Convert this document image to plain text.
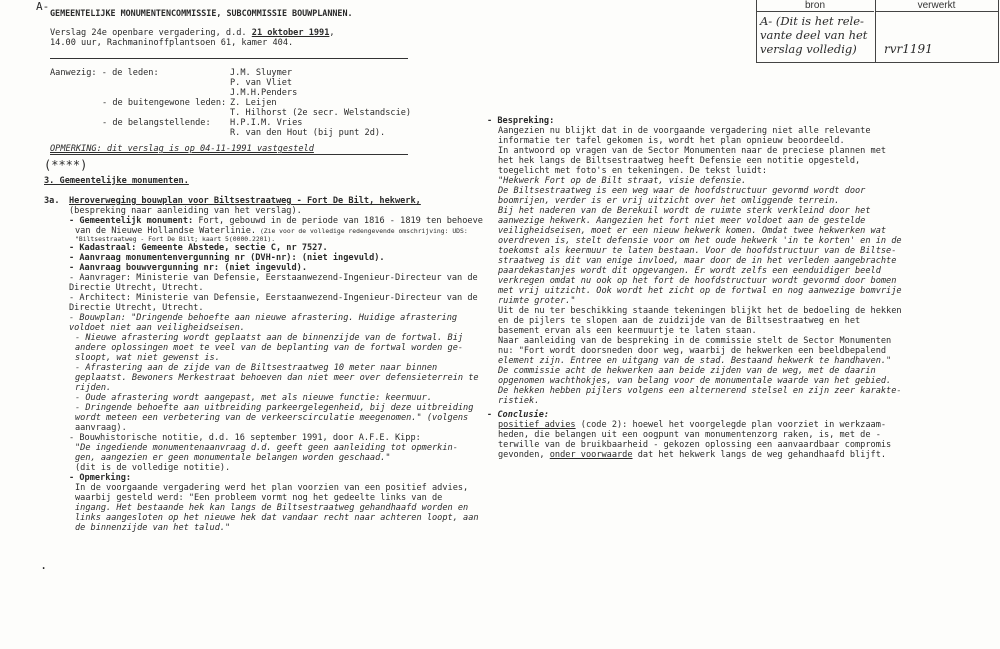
A- GEMEENTELIJKE MONUMENTENCOMMISSIE, SUBCOMMISSIE BOUWPLANNEN.
Verslag 24e openbare vergadering, d.d. 21 oktober 1991,
14.00 uur, Rachmaninoffplantsoen 61, kamer 404.
bron	verwerkt
A- (Dit is het rele-
vante deel van het
verslag volledig) rvr1191
Aanwezig: - de leden:	J.M. Sluymer
P. van Vliet
J.M.H.Penders
- de buitengewone leden: Z. Leijen
T. Hilhorst (2e secr. Welstandscie)
- de belangstellende: H.P.I.M. Vries
R. van den Hout (bij punt 2d).
OPMERKING: dit verslag is op 04-11-1991 vastgesteld
(****)
3. Gemeentelijke monumenten.
3a. Heroverweging bouwplan voor Biltsestraatweg - Fort De Bilt, hekwerk,
(bespreking naar aanleiding van het verslag).
- Gemeentelijk monument: Fort, gebouwd in de periode van 1816 - 1819 ten behoeve
van de Nieuwe Hollandse Waterlinie. (Zie voor de volledige redengevende omschrijving: UDS:
"Biltsestraatweg - Fort De Bilt; kaart 5(0000.2201).
- Kadastraal: Gemeente Abstede, sectie C, nr 7527.
- Aanvraag monumentenvergunning nr (DVH-nr): (niet ingevuld).
- Aanvraag bouwvergunning nr: (niet ingevuld).
- Aanvrager: Ministerie van Defensie, Eerstaanwezend-Ingenieur-Directeur van de
Directie Utrecht, Utrecht.
- Architect: Ministerie van Defensie, Eerstaanwezend-Ingenieur-Directeur van de
Directie Utrecht, Utrecht.
- Bouwplan: "Dringende behoefte aan nieuwe afrastering. Huidige afrastering
voldoet niet aan veiligheidseisen.
- Nieuwe afrastering wordt geplaatst aan de binnenzijde van de fortwal. Bij
andere oplossingen moet te veel van de beplanting van de fortwal worden ge-
sloopt, wat niet gewenst is.
- Afrastering aan de zijde van de Biltsestraatweg 10 meter naar binnen
geplaatst. Bewoners Merkestraat behoeven dan niet meer over defensieterrein te
rijden.
- Oude afrastering wordt aangepast, met als nieuwe functie: keermuur.
- Dringende behoefte aan uitbreiding parkeergelegenheid, bij deze uitbreiding
wordt meteen een verbetering van de verkeerscirculatie meegenomen." (volgens
aanvraag).
- Bouwhistorische notitie, d.d. 16 september 1991, door A.F.E. Kipp:
"De ingediende monumentenaanvraag d.d. geeft geen aanleiding tot opmerkin-
gen, aangezien er geen monumentale belangen worden geschaad."
(dit is de volledige notitie).
- Opmerking:
In de voorgaande vergadering werd het plan voorzien van een positief advies,
waarbij gesteld werd: "Een probleem vormt nog het gedeelte links van de
ingang. Het bestaande hek kan langs de Biltsestraatweg gehandhaafd worden en
links aangesloten op het nieuwe hek dat vandaar recht naar achteren loopt, aan
de binnenzijde van het talud."
.
- Bespreking:
Aangezien nu blijkt dat in de voorgaande vergadering niet alle relevante
informatie ter tafel gekomen is, wordt het plan opnieuw beoordeeld.
In antwoord op vragen van de Sector Monumenten naar de preciese plannen met
het hek langs de Biltsestraatweg heeft Defensie een notitie opgesteld,
toegelicht met foto's en tekeningen. De tekst luidt:
"Hekwerk Fort op de Bilt straat, visie defensie.
De Biltsestraatweg is een weg waar de hoofdstructuur gevormd wordt door
boomrijen, verder is er vrij uitzicht over het omliggende terrein.
Bij het naderen van de Berekuil wordt de ruimte sterk verkleind door het
aanwezige hekwerk. Aangezien het fort niet meer voldoet aan de gestelde
veiligheidseisen, moet er een nieuw hekwerk komen. Omdat twee hekwerken wat
overdreven is, stelt defensie voor om het oude hekwerk 'in te korten' en in de
toekomst als keermuur te laten bestaan. Voor de hoofdstructuur van de Biltse-
straatweg is dit van enige invloed, maar door de in het verleden aangebrachte
paardekastanjes wordt dit opgevangen. Er wordt zelfs een eenduidiger beeld
verkregen omdat nu ook op het fort de hoofdstructuur wordt gevormd door bomen
met vrij uitzicht. Ook wordt het zicht op de fortwal en nog aanwezige bomvrije
ruimte groter."
Uit de nu ter beschikking staande tekeningen blijkt het de bedoeling de hekken
en de pijlers te slopen aan de zuidzijde van de Biltsestraatweg en het
basement ervan als een keermuurtje te laten staan.
Naar aanleiding van de bespreking in de commissie stelt de Sector Monumenten
nu: "Fort wordt doorsneden door weg, waarbij de hekwerken een beeldbepalend
element zijn. Entree en uitgang van de stad. Bestaand hekwerk te handhaven."
De commissie acht de hekwerken aan beide zijden van de weg, met de daarin
opgenomen wachthokjes, van belang voor de monumentale waarde van het gebied.
De hekken hebben pijlers volgens een alternerend stelsel en zijn zeer karakte-
ristiek.
- Conclusie:
positief advies (code 2): hoewel het voorgelegde plan voorziet in werkzaam-
heden, die belangen uit een oogpunt van monumentenzorg raken, is, met de -
terwille van de bruikbaarheid - gekozen oplossing een aanvaardbaar compromis
gevonden, onder voorwaarde dat het hekwerk langs de weg gehandhaafd blijft.
